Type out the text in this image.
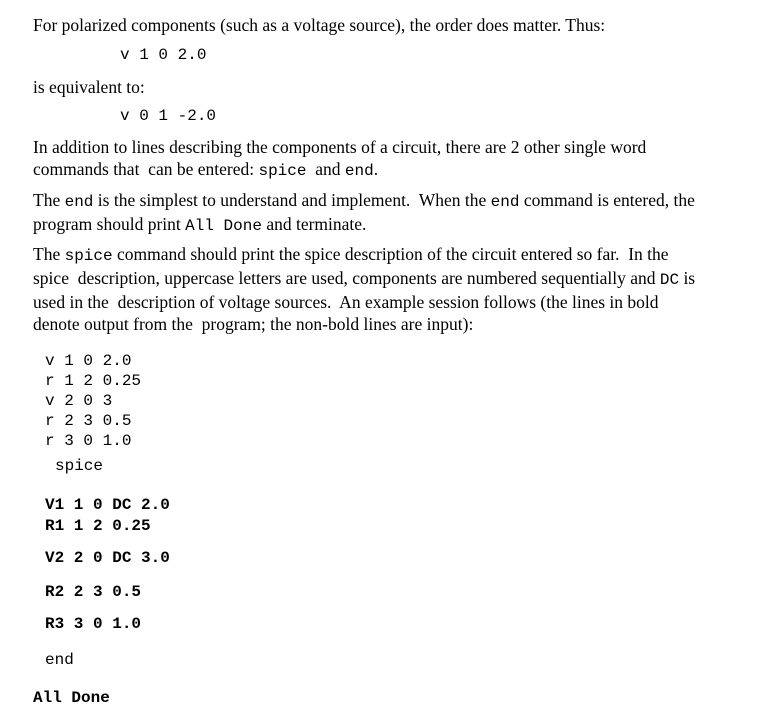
For polarized components (such as a voltage source), the order does matter. Thus:
v 1 0 2.0
is equivalent to:
v 0 1 -2.0
In addition to lines describing the components of a circuit, there are 2 other single word
commands that  can be entered: spice  and end.
The end is the simplest to understand and implement.  When the end command is entered, the
program should print All Done and terminate.
The spice command should print the spice description of the circuit entered so far.  In the
spice  description, uppercase letters are used, components are numbered sequentially and DC is
used in the  description of voltage sources.  An example session follows (the lines in bold
denote output from the  program; the non-bold lines are input):
v 1 0 2.0
r 1 2 0.25
v 2 0 3
r 2 3 0.5
r 3 0 1.0
spice
V1 1 0 DC 2.0
R1 1 2 0.25
V2 2 0 DC 3.0
R2 2 3 0.5
R3 3 0 1.0
end
All Done
